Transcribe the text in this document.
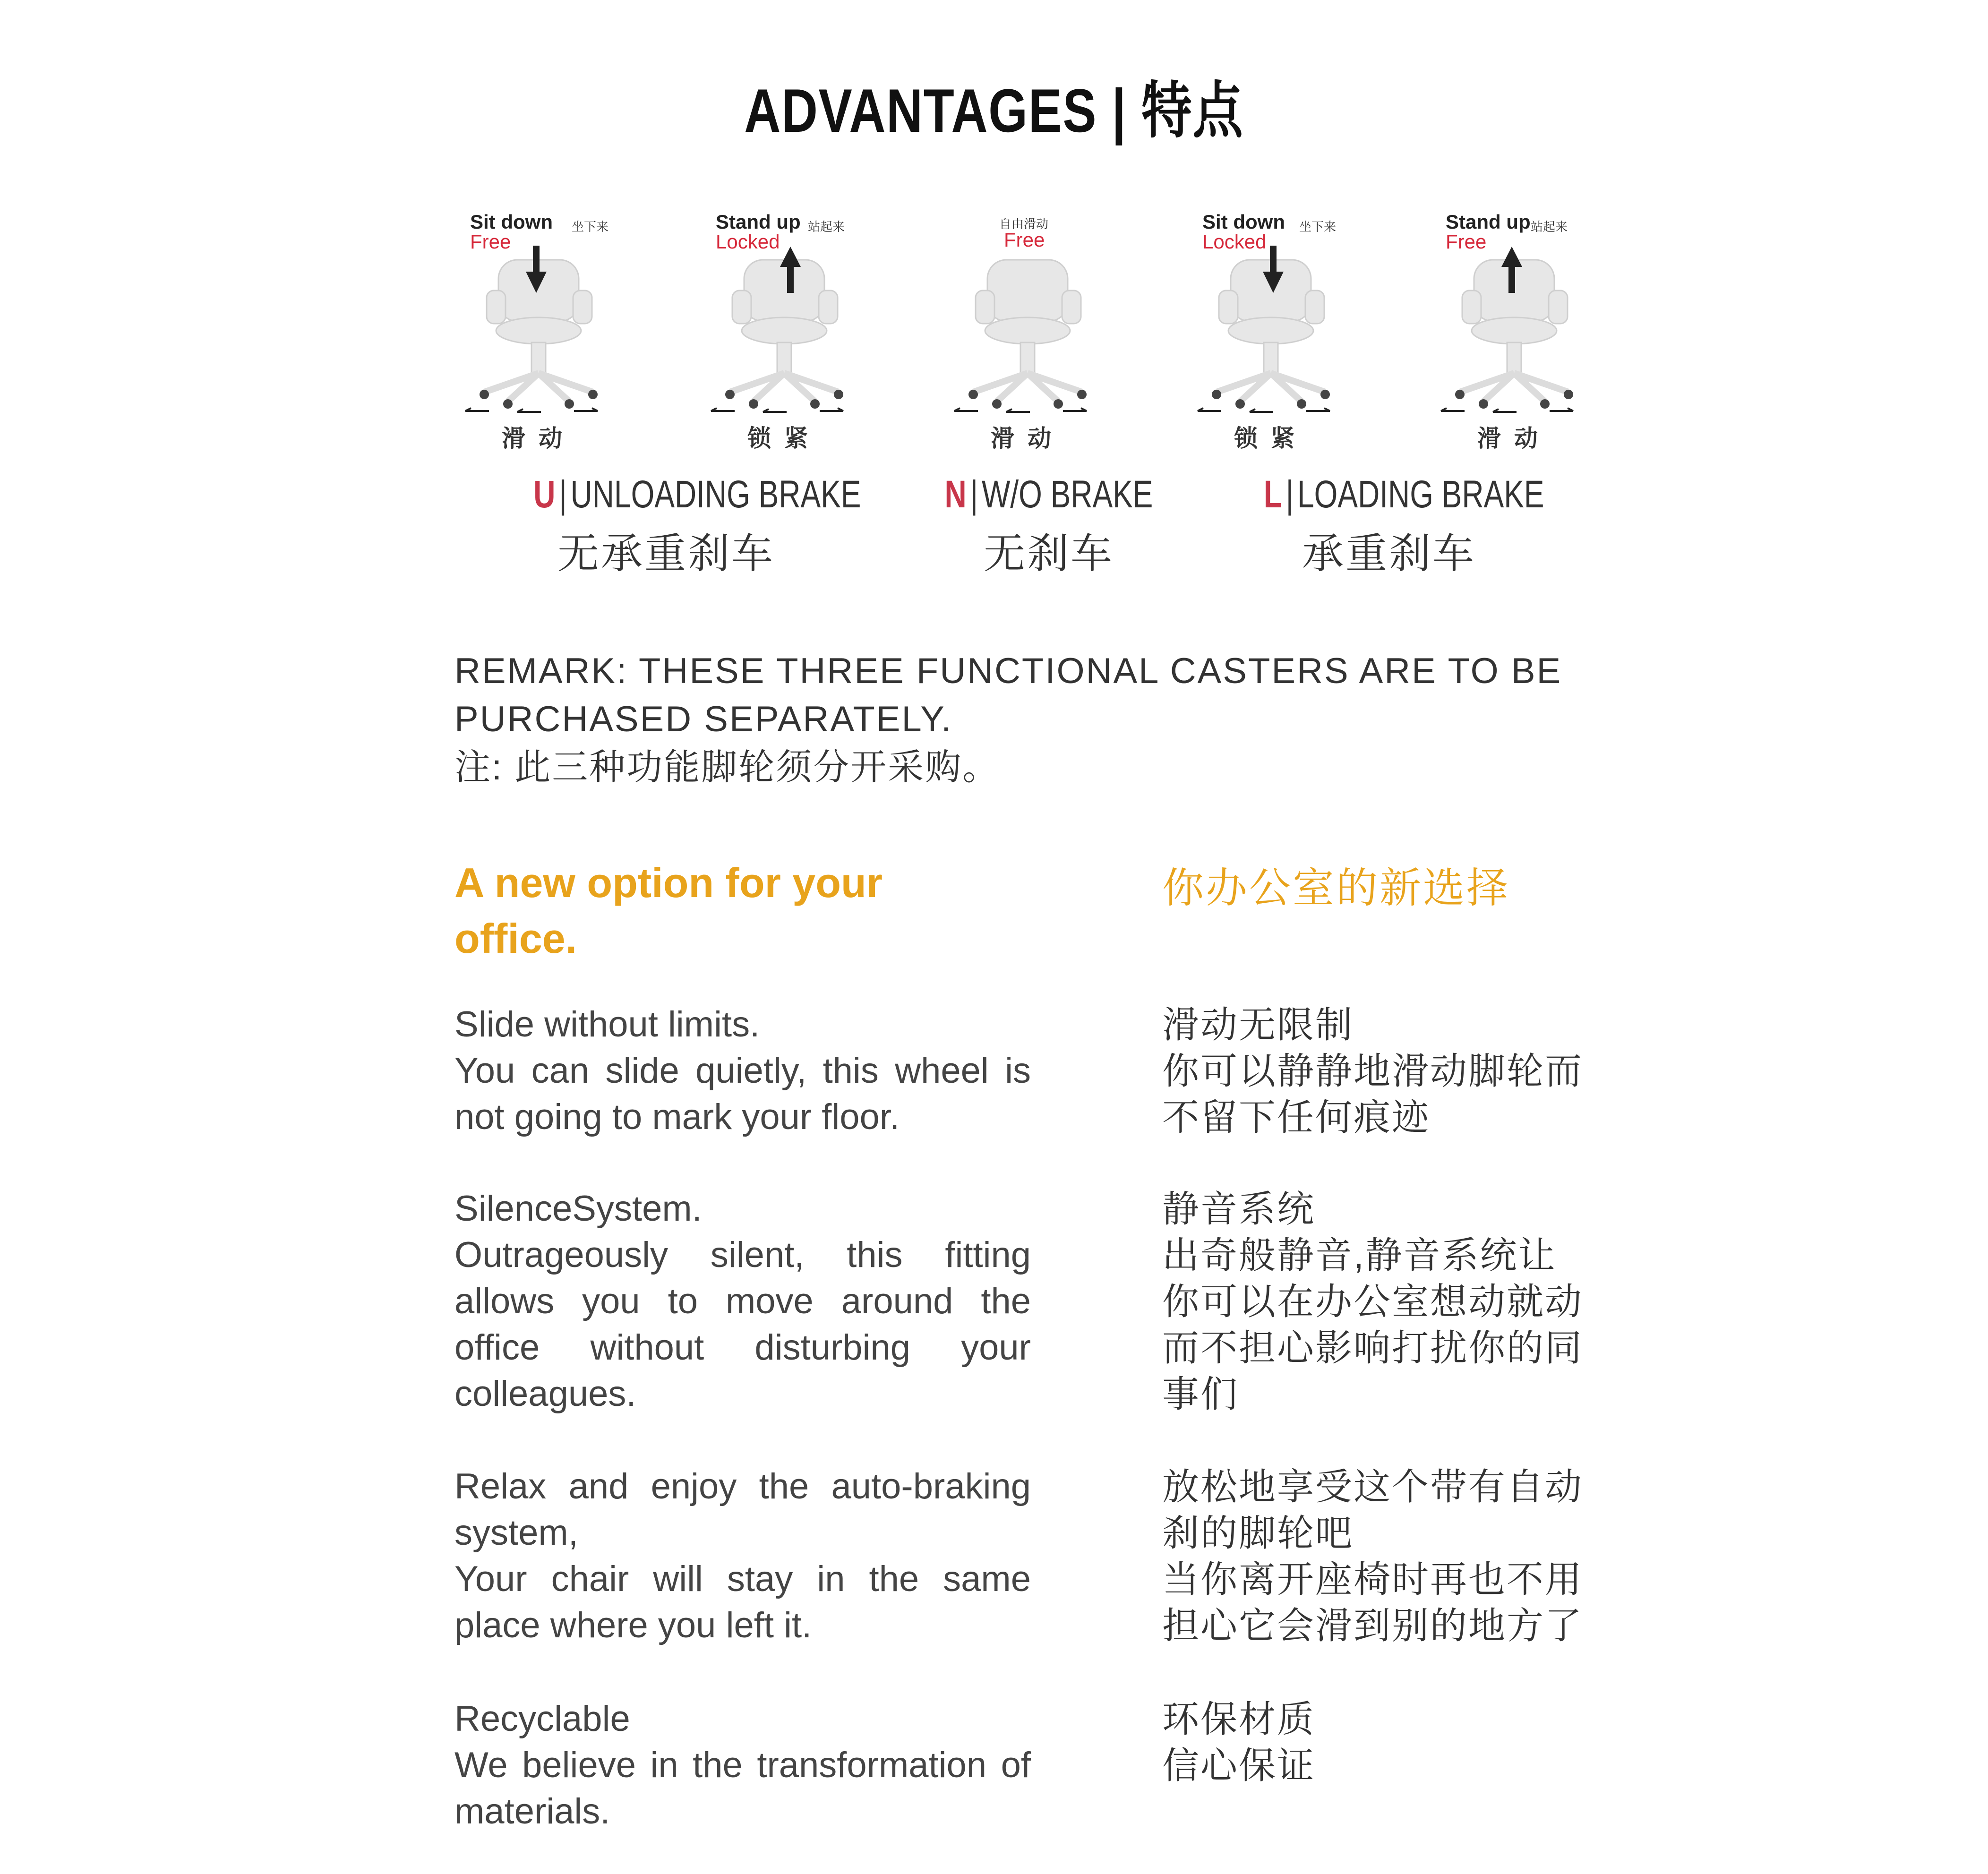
ADVANTAGES | 特点
Sit down 坐下来
Free
滑动
Stand up 站起来
Locked
锁紧
自由滑动
Free
滑动
Sit down 坐下来
Locked
锁紧
Stand up 站起来
Free
滑动
U|UNLOADING BRAKE
无承重刹车
N|W/O BRAKE
无刹车
L|LOADING BRAKE
承重刹车
REMARK: THESE THREE FUNCTIONAL CASTERS ARE TO BE
PURCHASED SEPARATELY.
注: 此三种功能脚轮须分开采购。
A new option for your office.
你办公室的新选择
Slide without limits.
You can slide quietly, this wheel is not going to mark your floor.
滑动无限制
你可以静静地滑动脚轮而不留下任何痕迹
SilenceSystem.
Outrageously silent, this fitting allows you to move around the office without disturbing your colleagues.
静音系统
出奇般静音,静音系统让你可以在办公室想动就动而不担心影响打扰你的同事们
Relax and enjoy the auto-braking system,
Your chair will stay in the same place where you left it.
放松地享受这个带有自动刹的脚轮吧
当你离开座椅时再也不用担心它会滑到别的地方了
Recyclable
We believe in the transformation of materials.
环保材质
信心保证
